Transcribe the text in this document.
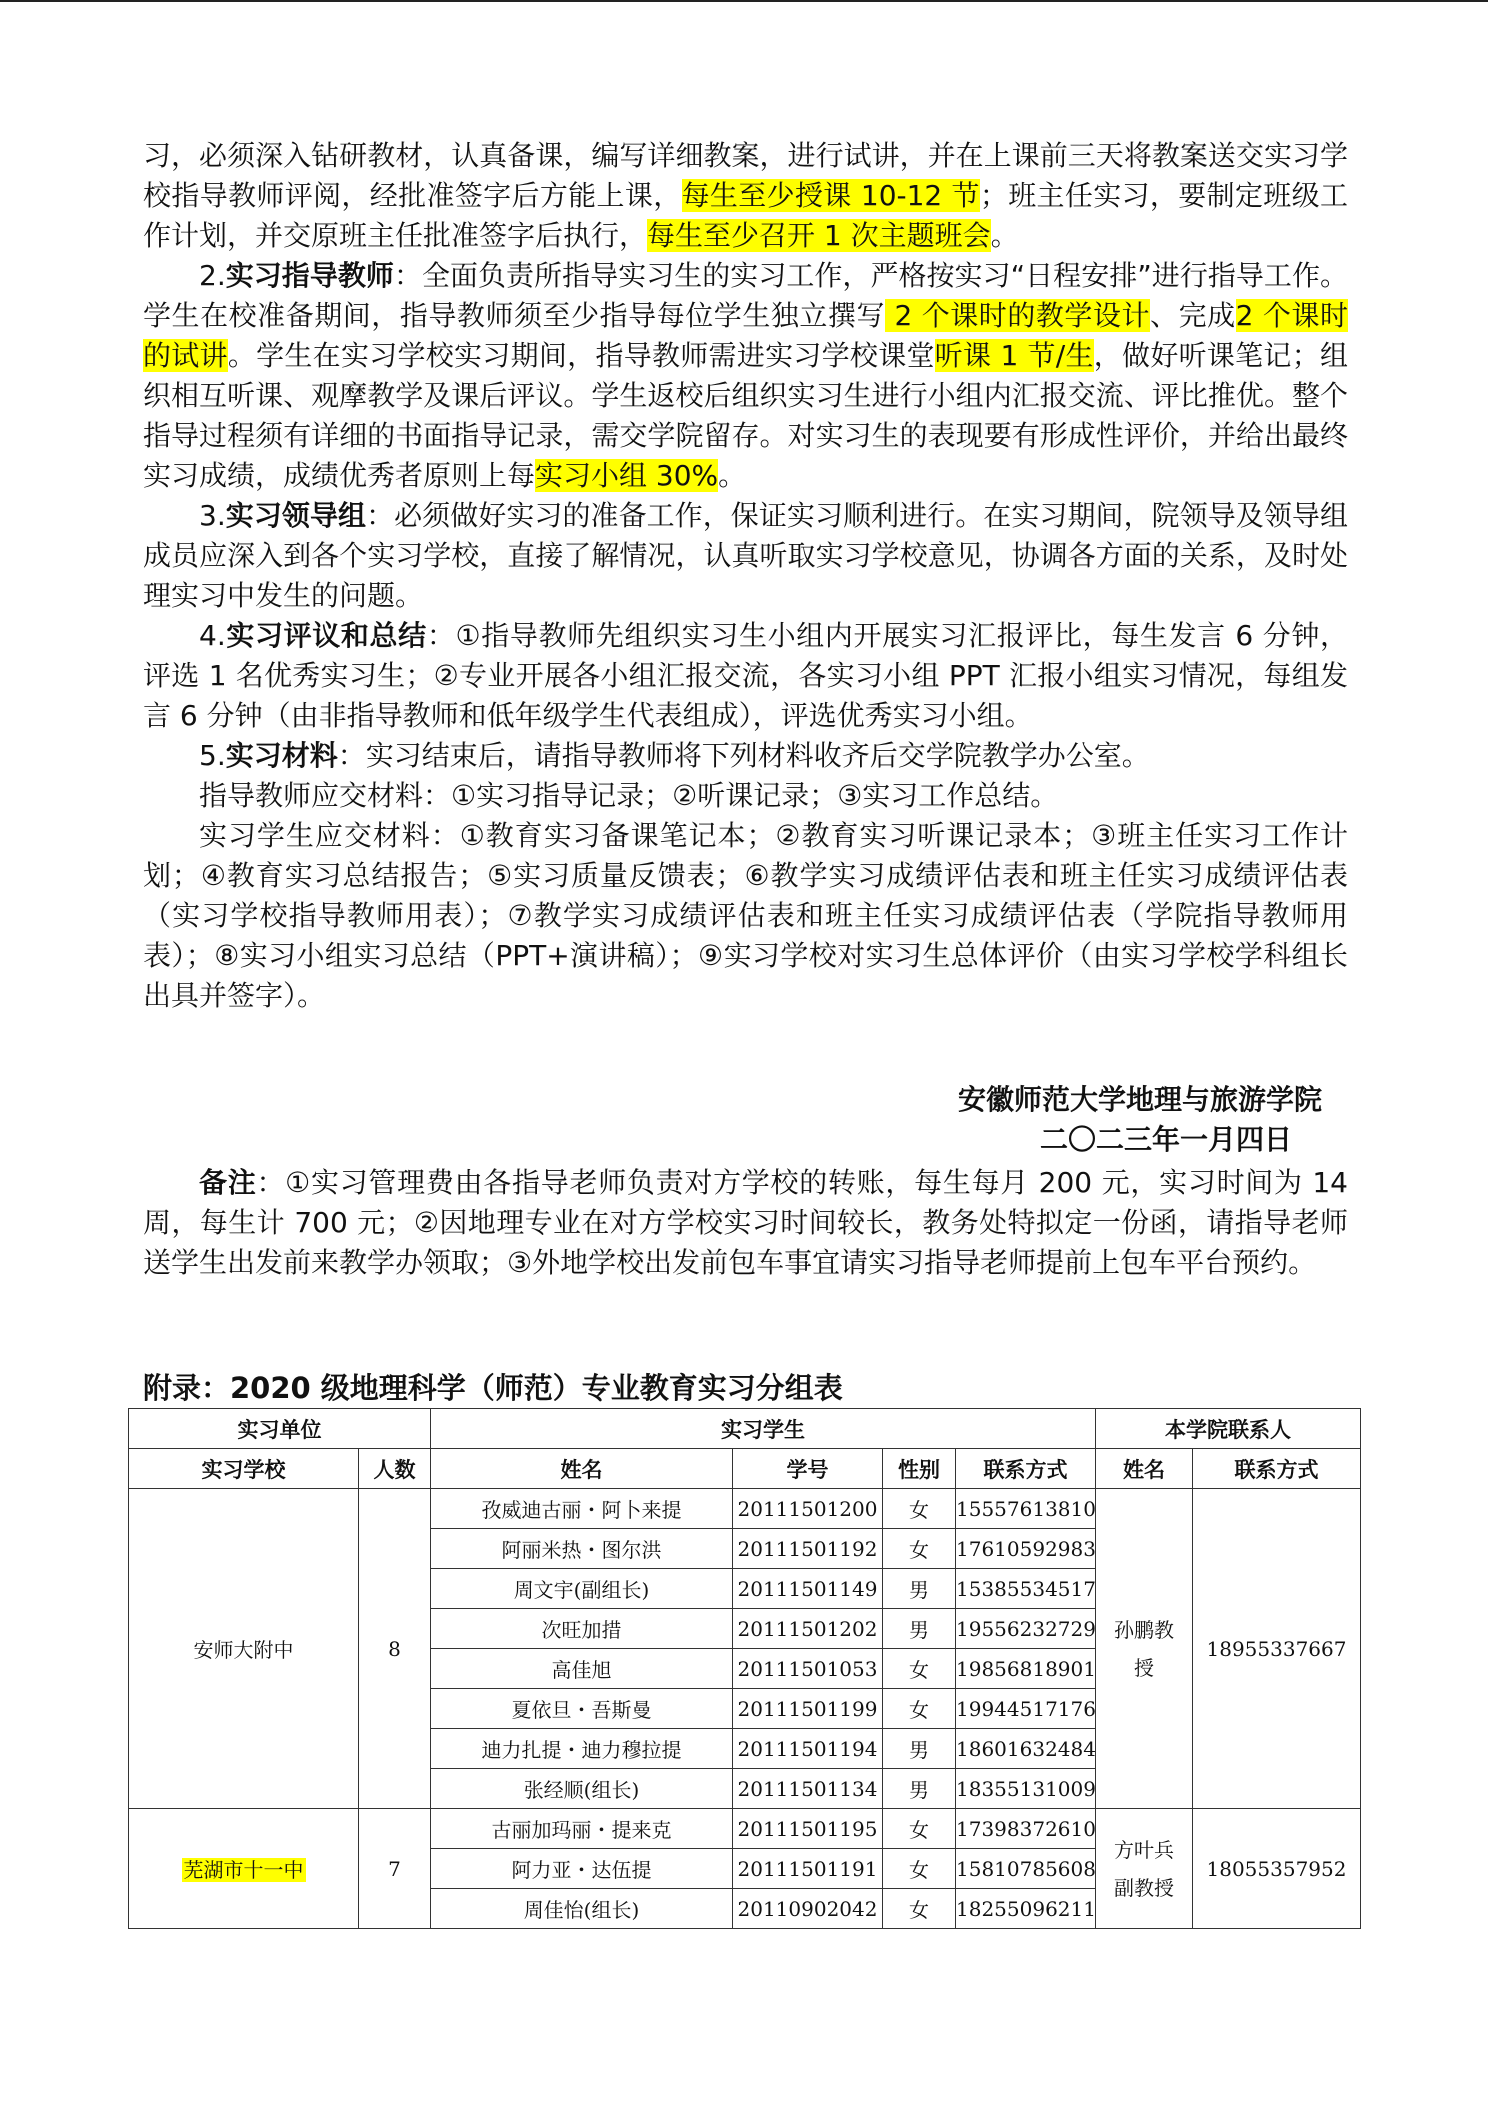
习，必须深入钻研教材，认真备课，编写详细教案，进行试讲，并在上课前三天将教案送交实习学校指导教师评阅，经批准签字后方能上课，每生至少授课 10-12 节；班主任实习，要制定班级工作计划，并交原班主任批准签字后执行，每生至少召开 1 次主题班会。

2.实习指导教师：全面负责所指导实习生的实习工作，严格按实习“日程安排”进行指导工作。学生在校准备期间，指导教师须至少指导每位学生独立撰写 2 个课时的教学设计、完成2 个课时的试讲。学生在实习学校实习期间，指导教师需进实习学校课堂听课 1 节/生，做好听课笔记；组织相互听课、观摩教学及课后评议。学生返校后组织实习生进行小组内汇报交流、评比推优。整个指导过程须有详细的书面指导记录，需交学院留存。对实习生的表现要有形成性评价，并给出最终实习成绩，成绩优秀者原则上每实习小组 30%。

3.实习领导组：必须做好实习的准备工作，保证实习顺利进行。在实习期间，院领导及领导组成员应深入到各个实习学校，直接了解情况，认真听取实习学校意见，协调各方面的关系，及时处理实习中发生的问题。

4.实习评议和总结：①指导教师先组织实习生小组内开展实习汇报评比，每生发言 6 分钟，评选 1 名优秀实习生；②专业开展各小组汇报交流，各实习小组 PPT 汇报小组实习情况，每组发言 6 分钟（由非指导教师和低年级学生代表组成），评选优秀实习小组。

5.实习材料：实习结束后，请指导教师将下列材料收齐后交学院教学办公室。

指导教师应交材料：①实习指导记录；②听课记录；③实习工作总结。

实习学生应交材料：①教育实习备课笔记本；②教育实习听课记录本；③班主任实习工作计划；④教育实习总结报告；⑤实习质量反馈表；⑥教学实习成绩评估表和班主任实习成绩评估表（实习学校指导教师用表）；⑦教学实习成绩评估表和班主任实习成绩评估表（学院指导教师用表）；⑧实习小组实习总结（PPT+演讲稿）；⑨实习学校对实习生总体评价（由实习学校学科组长出具并签字）。

安徽师范大学地理与旅游学院
二〇二三年一月四日

备注：①实习管理费由各指导老师负责对方学校的转账，每生每月 200 元，实习时间为 14 周，每生计 700 元；②因地理专业在对方学校实习时间较长，教务处特拟定一份函，请指导老师送学生出发前来教学办领取；③外地学校出发前包车事宜请实习指导老师提前上包车平台预约。

附录：2020 级地理科学（师范）专业教育实习分组表
实习单位		实习学生				本学院联系人	
实习学校	人数	姓名	学号	性别	联系方式	姓名	联系方式
安师大附中	8	孜威迪古丽・阿卜来提	20111501200	女	15557613810	孙鹏教授	18955337667
		阿丽米热・图尔洪	20111501192	女	17610592983		
		周文宇(副组长)	20111501149	男	15385534517		
		次旺加措	20111501202	男	19556232729		
		高佳旭	20111501053	女	19856818901		
		夏依旦・吾斯曼	20111501199	女	19944517176		
		迪力扎提・迪力穆拉提	20111501194	男	18601632484		
		张经顺(组长)	20111501134	男	18355131009		
芜湖市十一中	7	古丽加玛丽・提来克	20111501195	女	17398372610	方叶兵副教授	18055357952
		阿力亚・达伍提	20111501191	女	15810785608		
		周佳怡(组长)	20110902042	女	18255096211		
